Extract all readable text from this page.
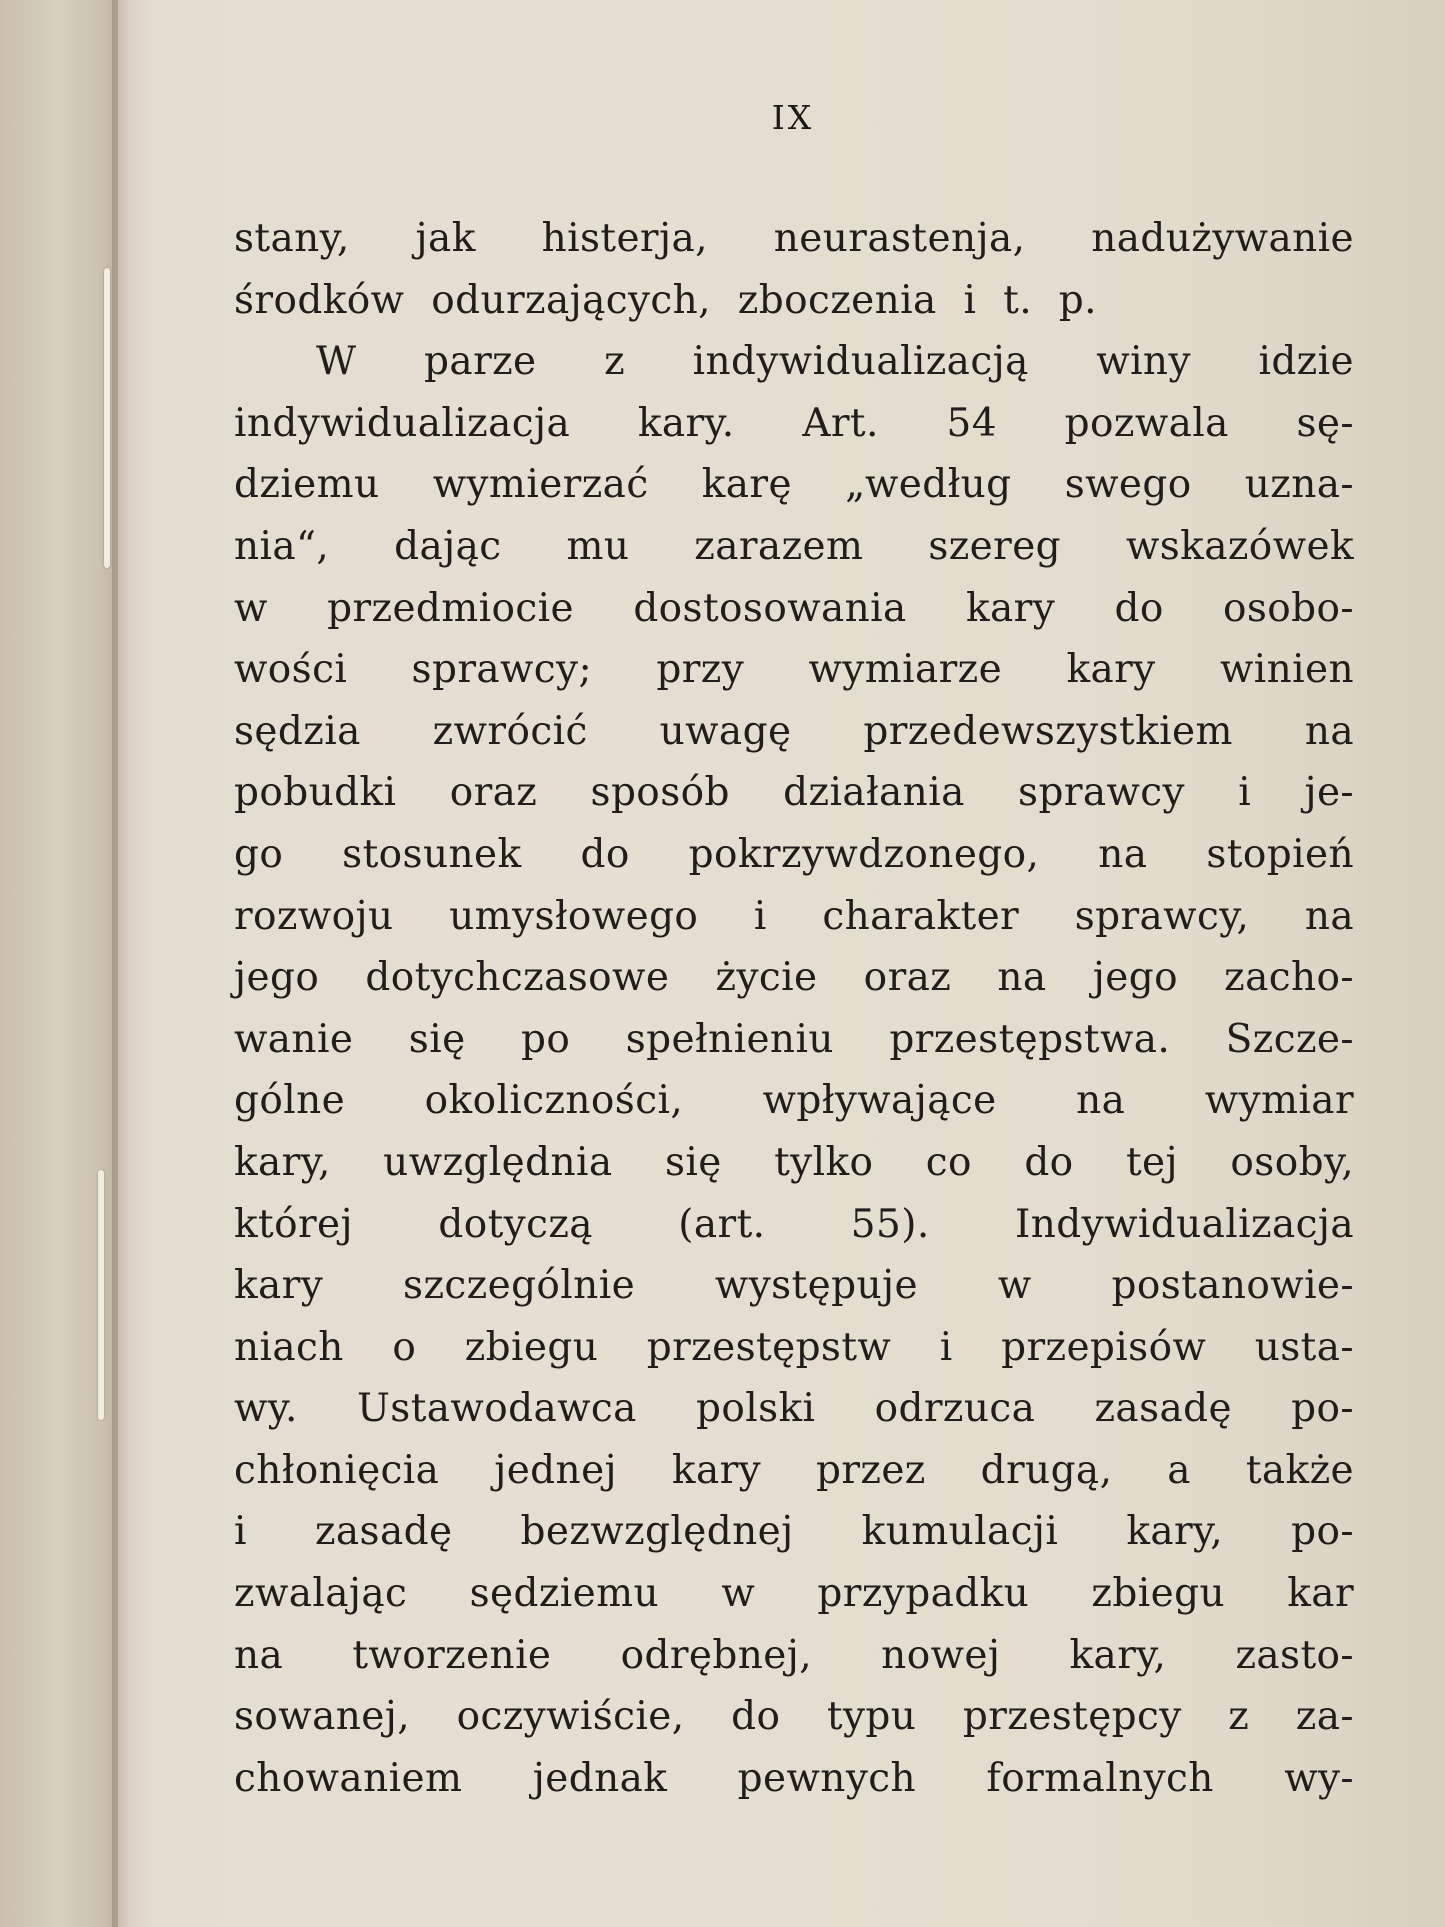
IX
stany, jak histerja, neurastenja, nadużywanie
środków odurzających, zboczenia i t. p.
W parze z indywidualizacją winy idzie
indywidualizacja kary. Art. 54 pozwala sę-
dziemu wymierzać karę „według swego uzna-
nia“, dając mu zarazem szereg wskazówek
w przedmiocie dostosowania kary do osobo-
wości sprawcy; przy wymiarze kary winien
sędzia zwrócić uwagę przedewszystkiem na
pobudki oraz sposób działania sprawcy i je-
go stosunek do pokrzywdzonego, na stopień
rozwoju umysłowego i charakter sprawcy, na
jego dotychczasowe życie oraz na jego zacho-
wanie się po spełnieniu przestępstwa. Szcze-
gólne okoliczności, wpływające na wymiar
kary, uwzględnia się tylko co do tej osoby,
której dotyczą (art. 55). Indywidualizacja
kary szczególnie występuje w postanowie-
niach o zbiegu przestępstw i przepisów usta-
wy. Ustawodawca polski odrzuca zasadę po-
chłonięcia jednej kary przez drugą, a także
i zasadę bezwzględnej kumulacji kary, po-
zwalając sędziemu w przypadku zbiegu kar
na tworzenie odrębnej, nowej kary, zasto-
sowanej, oczywiście, do typu przestępcy z za-
chowaniem jednak pewnych formalnych wy-
